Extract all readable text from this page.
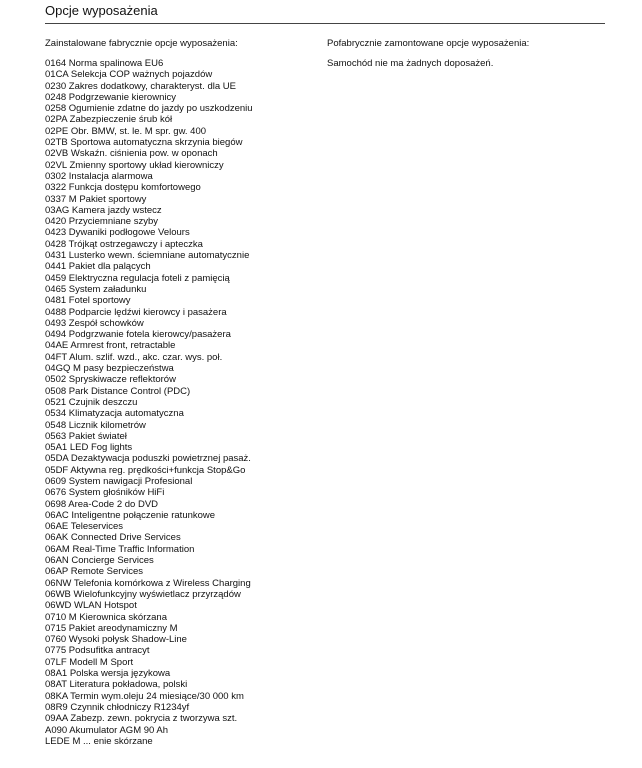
Opcje wyposażenia
Zainstalowane fabrycznie opcje wyposażenia:
0164 Norma spalinowa EU6
01CA Selekcja COP ważnych pojazdów
0230 Zakres dodatkowy, charakteryst. dla UE
0248 Podgrzewanie kierownicy
0258 Ogumienie zdatne do jazdy po uszkodzeniu
02PA Zabezpieczenie śrub kół
02PE Obr. BMW, st. le. M spr. gw. 400
02TB Sportowa automatyczna skrzynia biegów
02VB Wskaźn. ciśnienia pow. w oponach
02VL Zmienny sportowy układ kierowniczy
0302 Instalacja alarmowa
0322 Funkcja dostępu komfortowego
0337 M Pakiet sportowy
03AG Kamera jazdy wstecz
0420 Przyciemniane szyby
0423 Dywaniki podłogowe Velours
0428 Trójkąt ostrzegawczy i apteczka
0431 Lusterko wewn. ściemniane automatycznie
0441 Pakiet dla palących
0459 Elektryczna regulacja foteli z pamięcią
0465 System załadunku
0481 Fotel sportowy
0488 Podparcie lędźwi kierowcy i pasażera
0493 Zespół schowków
0494 Podgrzwanie fotela kierowcy/pasażera
04AE Armrest front, retractable
04FT Alum. szlif. wzd., akc. czar. wys. poł.
04GQ M pasy bezpieczeństwa
0502 Spryskiwacze reflektorów
0508 Park Distance Control (PDC)
0521 Czujnik deszczu
0534 Klimatyzacja automatyczna
0548 Licznik kilometrów
0563 Pakiet świateł
05A1 LED Fog lights
05DA Dezaktywacja poduszki powietrznej pasaż.
05DF Aktywna reg. prędkości+funkcja Stop&Go
0609 System nawigacji Profesional
0676 System głośników HiFi
0698 Area-Code 2 do DVD
06AC Inteligentne połączenie ratunkowe
06AE Teleservices
06AK Connected Drive Services
06AM Real-Time Traffic Information
06AN Concierge Services
06AP Remote Services
06NW Telefonia komórkowa z Wireless Charging
06WB Wielofunkcyjny wyświetlacz przyrządów
06WD WLAN Hotspot
0710 M Kierownica skórzana
0715 Pakiet areodynamiczny M
0760 Wysoki połysk Shadow-Line
0775 Podsufitka antracyt
07LF Modell M Sport
08A1 Polska wersja językowa
08AT Literatura pokładowa, polski
08KA Termin wym.oleju 24 miesiące/30 000 km
08R9 Czynnik chłodniczy R1234yf
09AA Zabezp. zewn. pokrycia z tworzywa szt.
A090 Akumulator AGM 90 Ah
LEDE M ... enie skórzane
Pofabrycznie zamontowane opcje wyposażenia:
Samochód nie ma żadnych doposażeń.
